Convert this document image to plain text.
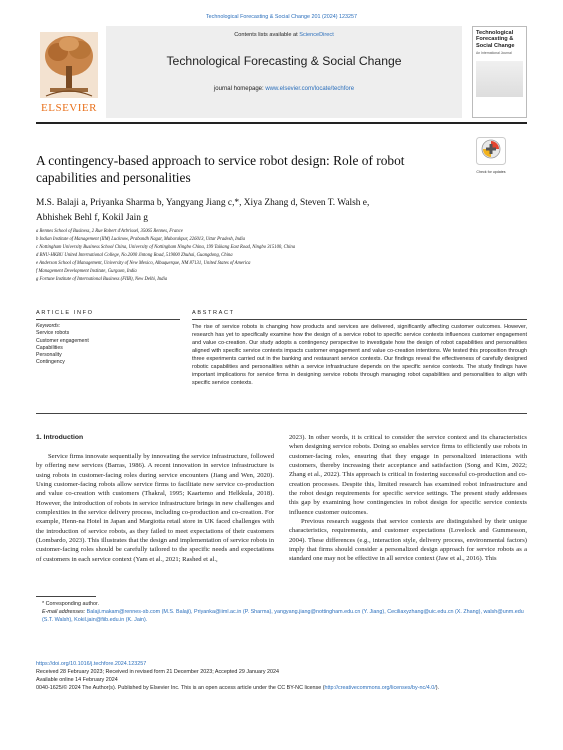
Technological Forecasting & Social Change 201 (2024) 123257
ELSEVIER
Contents lists available at ScienceDirect
Technological Forecasting & Social Change
journal homepage: www.elsevier.com/locate/techfore
Technological Forecasting & Social Change
An International Journal
A contingency-based approach to service robot design: Role of robot capabilities and personalities	Check for updates
M.S. Balaji a, Priyanka Sharma b, Yangyang Jiang c,*, Xiya Zhang d, Steven T. Walsh e,
Abhishek Behl f, Kokil Jain g
a Rennes School of Business, 2 Rue Robert d'Arbrissel, 35065 Rennes, France
b Indian Institute of Management (IIM) Lucknow, Prabandh Nagar, Mubarakpur, 226013, Uttar Pradesh, India
c Nottingham University Business School China, University of Nottingham Ningbo China, 199 Taikang East Road, Ningbo 315100, China
d BNU-HKBU United International College, No.2000 Jintong Road, 519000 Zhuhai, Guangdong, China
e Anderson School of Management, University of New Mexico, Albuquerque, NM 87131, United States of America
f Management Development Institute, Gurgaon, India
g Fortune Institute of International Business (FIIB), New Delhi, India
ARTICLE INFO	ABSTRACT
Keywords:
Service robots
Customer engagement
Capabilities
Personality
Contingency
The rise of service robots is changing how products and services are delivered, significantly affecting customer outcomes. However, research has yet to specifically examine how the design of a service robot to specific service contexts influences customer engagement and value co-creation. Our study adopts a contingency perspective to investigate how the design of robot capabilities and personalities aligned with specific service contexts impacts customer engagement and value co-creation intentions. We tested this proposition through three experiments carried out in the banking and restaurant service contexts. Our findings reveal the effectiveness of carefully designed robotic capabilities and personalities within a service infrastructure depends on the specific service contexts. The study findings have important implications for service firms in designing service robots through managing robot capabilities and personalities to align with specific service contexts.
1. Introduction

Service firms innovate sequentially by innovating the service infrastructure, followed by offering new services (Barras, 1986). A recent innovation in service infrastructure is using robots in customer-facing roles during service encounters (Jiang and Wen, 2020). Using customer-facing robots allow service firms to facilitate new service co-production and value co-creation with customers (Thakral, 1995; Kaartemo and Helkkula, 2018). However, the introduction of robots in service infrastructure brings in new challenges and complexities in the service delivery process, including co-production and co-creation. For example, Henn-na Hotel in Japan and Margiotta retail store in UK faced challenges with the introduction of service robots, as they failed to meet expectations of their customers (Lombardo, 2023). This illustrates that the design and implementation of service robots in customer-facing roles should be carefully tailored to the specific needs and expectations of customers in each service context (Yam et al., 2021; Rashed et al.,

2023). In other words, it is critical to consider the service context and its characteristics when designing service robots. Doing so enables service firms to efficiently use robots in customer-facing roles, ensuring that they engage in personalized interactions with customers, thereby increasing their acceptance and satisfaction (Song and Kim, 2022; Zhang et al., 2022). This approach is critical in fostering successful co-production and co-creation processes. Despite this, limited research has examined robot infrastructure and the robot design requirements for specific service settings. The present study addresses this gap by examining how contingencies in robot design for specific service contexts influence customer outcomes.

Previous research suggests that service contexts are distinguished by their unique characteristics, requirements, and customer expectations (Lovelock and Gummesson, 2004). These differences (e.g., interaction style, delivery process, environmental factors) imply that firms should consider a personalized design approach for service robots as a standard one may not be effective in all service context (Jaw et al., 2016). This

* Corresponding author.
E-mail addresses: Balaji.makam@rennes-sb.com (M.S. Balaji), Priyanka@iiml.ac.in (P. Sharma), yangyang.jiang@nottingham.edu.cn (Y. Jiang), Ceciliaxyzhang@uic.edu.cn (X. Zhang), walsh@unm.edu (S.T. Walsh), Kokil.jain@fiib.edu.in (K. Jain).
https://doi.org/10.1016/j.techfore.2024.123257
Received 28 February 2023; Received in revised form 21 December 2023; Accepted 29 January 2024
Available online 14 February 2024
0040-1625/© 2024 The Author(s). Published by Elsevier Inc. This is an open access article under the CC BY-NC license (http://creativecommons.org/licenses/by-nc/4.0/).
